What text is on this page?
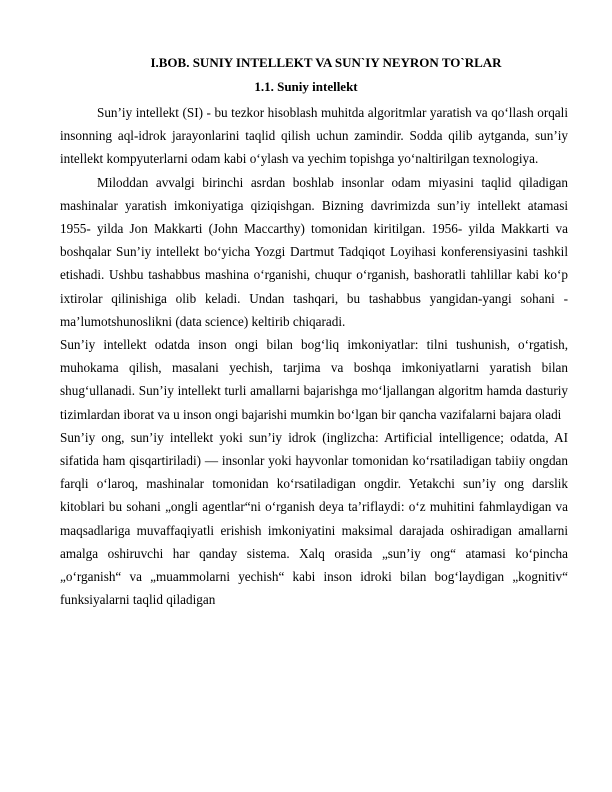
I.BOB. SUNIY INTELLEKT VA SUN`IY NEYRON TO`RLAR
1.1. Suniy intellekt

Sun’iy intellekt (SI) - bu tezkor hisoblash muhitda algoritmlar yaratish va qo‘llash orqali insonning aql-idrok jarayonlarini taqlid qilish uchun zamindir. Sodda qilib aytganda, sun’iy intellekt kompyuterlarni odam kabi o‘ylash va yechim topishga yo‘naltirilgan texnologiya.

Miloddan avvalgi birinchi asrdan boshlab insonlar odam miyasini taqlid qiladigan mashinalar yaratish imkoniyatiga qiziqishgan. Bizning davrimizda sun’iy intellekt atamasi 1955- yilda Jon Makkarti (John Maccarthy) tomonidan kiritilgan. 1956- yilda Makkarti va boshqalar Sun’iy intellekt bo‘yicha Yozgi Dartmut Tadqiqot Loyihasi konferensiyasini tashkil etishadi. Ushbu tashabbus mashina o‘rganishi, chuqur o‘rganish, bashoratli tahlillar kabi ko‘p ixtirolar qilinishiga olib keladi. Undan tashqari, bu tashabbus yangidan-yangi sohani - ma’lumotshunoslikni (data science) keltirib chiqaradi.

Sun’iy intellekt odatda inson ongi bilan bog‘liq imkoniyatlar: tilni tushunish, o‘rgatish, muhokama qilish, masalani yechish, tarjima va boshqa imkoniyatlarni yaratish bilan shug‘ullanadi. Sun’iy intellekt turli amallarni bajarishga mo‘ljallangan algoritm hamda dasturiy tizimlardan iborat va u inson ongi bajarishi mumkin bo‘lgan bir qancha vazifalarni bajara oladi

Sun’iy ong, sun’iy intellekt yoki sun’iy idrok (inglizcha: Artificial intelligence; odatda, AI sifatida ham qisqartiriladi) — insonlar yoki hayvonlar tomonidan ko‘rsatiladigan tabiiy ongdan farqli o‘laroq, mashinalar tomonidan ko‘rsatiladigan ongdir. Yetakchi sun’iy ong darslik kitoblari bu sohani „ongli agentlar“ni o‘rganish deya ta’riflaydi: o‘z muhitini fahmlaydigan va maqsadlariga muvaffaqiyatli erishish imkoniyatini maksimal darajada oshiradigan amallarni amalga oshiruvchi har qanday sistema. Xalq orasida „sun’iy ong“ atamasi ko‘pincha „o‘rganish“ va „muammolarni yechish“ kabi inson idroki bilan bog‘laydigan „kognitiv“ funksiyalarni taqlid qiladigan
